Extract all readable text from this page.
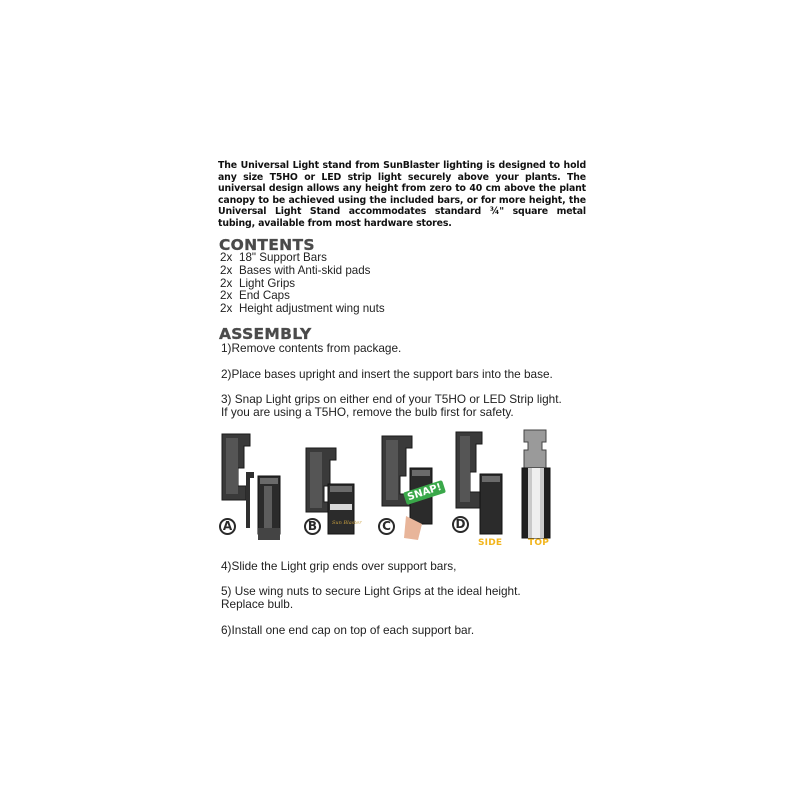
The Universal Light stand from SunBlaster lighting is designed to hold any size T5HO or LED strip light securely above your plants. The universal design allows any height from zero to 40 cm above the plant canopy to be achieved using the included bars, or for more height, the Universal Light Stand accommodates standard ¾" square metal tubing, available from most hardware stores.
CONTENTS
2x 18" Support Bars
2x Bases with Anti-skid pads
2x Light Grips
2x End Caps
2x Height adjustment wing nuts
ASSEMBLY
1)Remove contents from package.
2)Place bases upright and insert the support bars into the base.
3) Snap Light grips on either end of your T5HO or LED Strip light.
If you are using a T5HO, remove the bulb first for safety.
A	Sun Blaster
B
SNAP!
C	D
SIDE	TOP
4)Slide the Light grip ends over support bars,
5) Use wing nuts to secure Light Grips at the ideal height.
Replace bulb.
6)Install one end cap on top of each support bar.
